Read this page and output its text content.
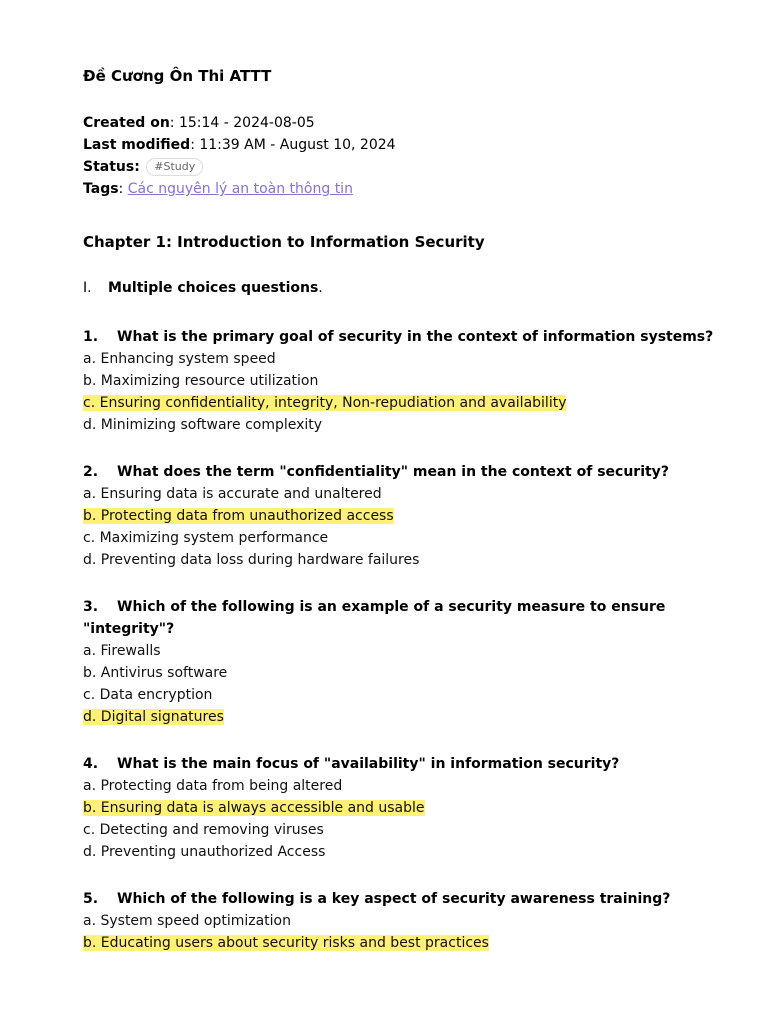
Đề Cương Ôn Thi ATTT
Created on: 15:14 - 2024-08-05
Last modified: 11:39 AM - August 10, 2024
Status: #Study
Tags: Các nguyên lý an toàn thông tin
Chapter 1: Introduction to Information Security
I. Multiple choices questions.
1. What is the primary goal of security in the context of information systems?
a. Enhancing system speed
b. Maximizing resource utilization
c. Ensuring confidentiality, integrity, Non-repudiation and availability
d. Minimizing software complexity
2. What does the term "confidentiality" mean in the context of security?
a. Ensuring data is accurate and unaltered
b. Protecting data from unauthorized access
c. Maximizing system performance
d. Preventing data loss during hardware failures
3. Which of the following is an example of a security measure to ensure
"integrity"?
a. Firewalls
b. Antivirus software
c. Data encryption
d. Digital signatures
4. What is the main focus of "availability" in information security?
a. Protecting data from being altered
b. Ensuring data is always accessible and usable
c. Detecting and removing viruses
d. Preventing unauthorized Access
5. Which of the following is a key aspect of security awareness training?
a. System speed optimization
b. Educating users about security risks and best practices
